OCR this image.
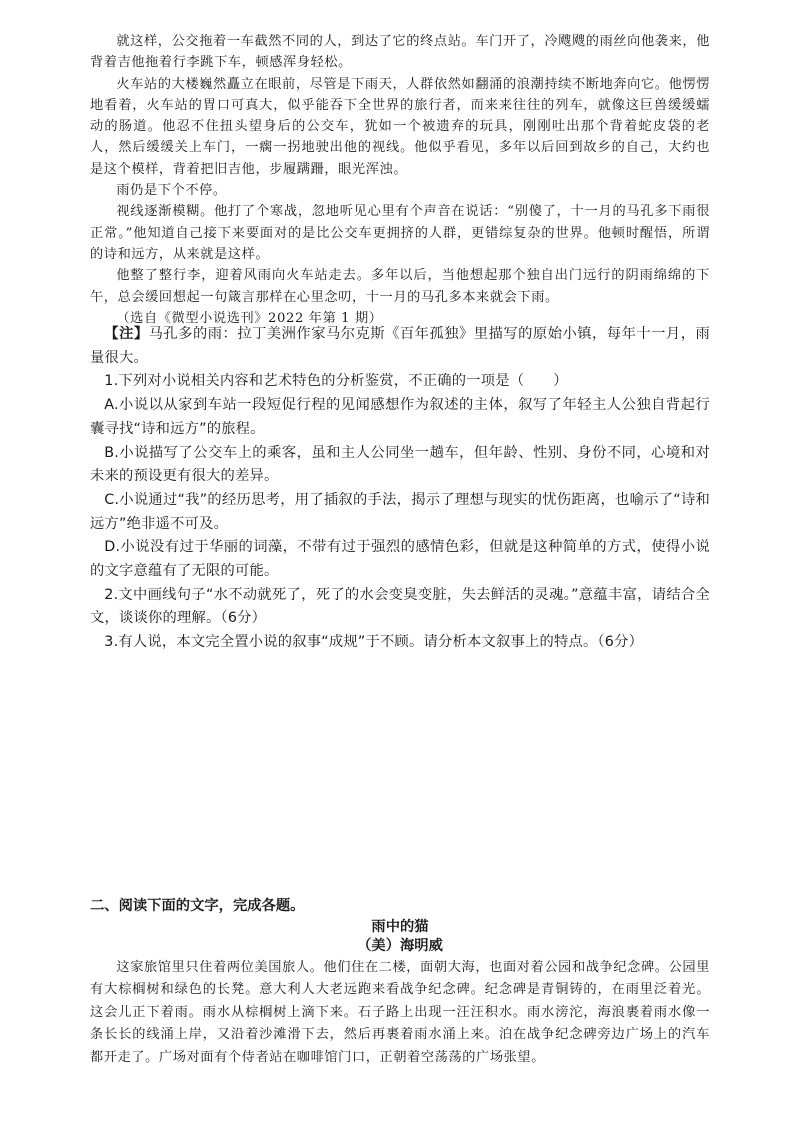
就这样，公交拖着一车截然不同的人，到达了它的终点站。车门开了，冷飕飕的雨丝向他袭来，他背着吉他拖着行李跳下车，顿感浑身轻松。

火车站的大楼巍然矗立在眼前，尽管是下雨天，人群依然如翻涌的浪潮持续不断地奔向它。他愣愣地看着，火车站的胃口可真大，似乎能吞下全世界的旅行者，而来来往往的列车，就像这巨兽缓缓蠕动的肠道。他忍不住扭头望身后的公交车，犹如一个被遗弃的玩具，刚刚吐出那个背着蛇皮袋的老人，然后缓缓关上车门，一瘸一拐地驶出他的视线。他似乎看见，多年以后回到故乡的自己，大约也是这个模样，背着把旧吉他，步履蹒跚，眼光浑浊。

雨仍是下个不停。

视线逐渐模糊。他打了个寒战，忽地听见心里有个声音在说话：“别傻了，十一月的马孔多下雨很正常。”他知道自己接下来要面对的是比公交车更拥挤的人群，更错综复杂的世界。他顿时醒悟，所谓的诗和远方，从来就是这样。

他整了整行李，迎着风雨向火车站走去。多年以后，当他想起那个独自出门远行的阴雨绵绵的下午，总会缓回想起一句箴言那样在心里念叨，十一月的马孔多本来就会下雨。

（选自《微型小说选刊》2022 年第 1 期）

【注】马孔多的雨：拉丁美洲作家马尔克斯《百年孤独》里描写的原始小镇，每年十一月，雨量很大。

1.下列对小说相关内容和艺术特色的分析鉴赏，不正确的一项是（　　）

A.小说以从家到车站一段短促行程的见闻感想作为叙述的主体，叙写了年轻主人公独自背起行囊寻找“诗和远方”的旅程。

B.小说描写了公交车上的乘客，虽和主人公同坐一趟车，但年龄、性别、身份不同，心境和对未来的预设更有很大的差异。

C.小说通过“我”的经历思考，用了插叙的手法，揭示了理想与现实的忧伤距离，也喻示了“诗和远方”绝非遥不可及。

D.小说没有过于华丽的词藻，不带有过于强烈的感情色彩，但就是这种简单的方式，使得小说的文字意蕴有了无限的可能。

2.文中画线句子“水不动就死了，死了的水会变臭变脏，失去鲜活的灵魂。”意蕴丰富，请结合全文，谈谈你的理解。（6分）

3.有人说，本文完全置小说的叙事“成规”于不顾。请分析本文叙事上的特点。（6分）

二、阅读下面的文字，完成各题。

雨中的猫

（美）海明威

这家旅馆里只住着两位美国旅人。他们住在二楼，面朝大海，也面对着公园和战争纪念碑。公园里有大棕榈树和绿色的长凳。意大利人大老远跑来看战争纪念碑。纪念碑是青铜铸的，在雨里泛着光。这会儿正下着雨。雨水从棕榈树上滴下来。石子路上出现一汪汪积水。雨水滂沱，海浪裹着雨水像一条长长的线涌上岸，又沿着沙滩滑下去，然后再裹着雨水涌上来。泊在战争纪念碑旁边广场上的汽车都开走了。广场对面有个侍者站在咖啡馆门口，正朝着空荡荡的广场张望。
